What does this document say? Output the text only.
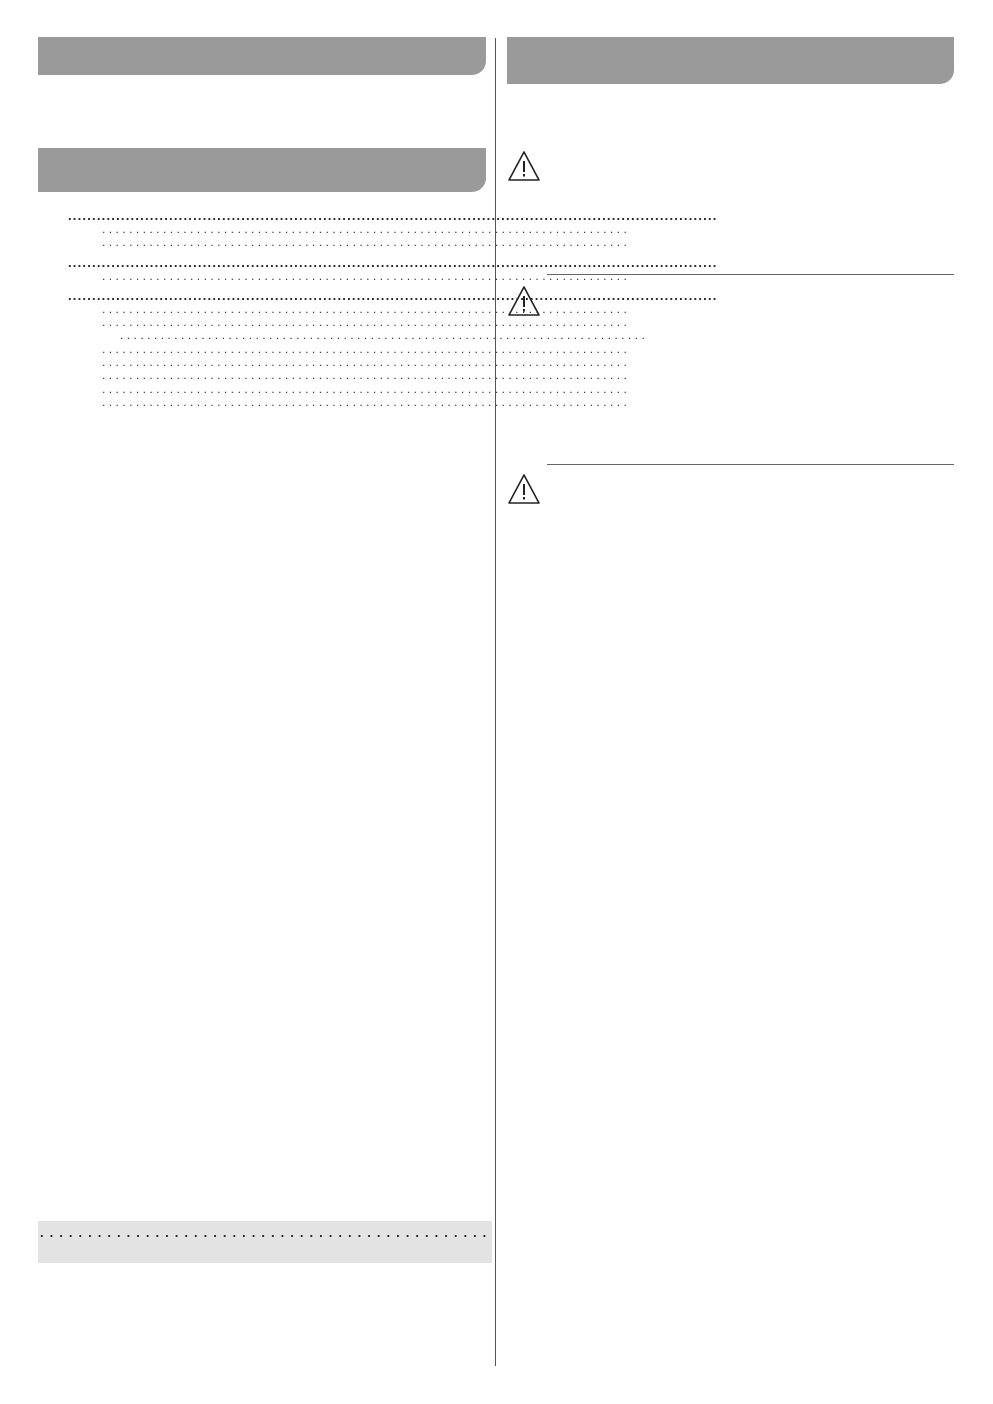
.....
. . .
. . .
.....
. . .
.....
. . .
. . .
. . .
. . .
. . .
. . .
. . .
. . .
. . .
